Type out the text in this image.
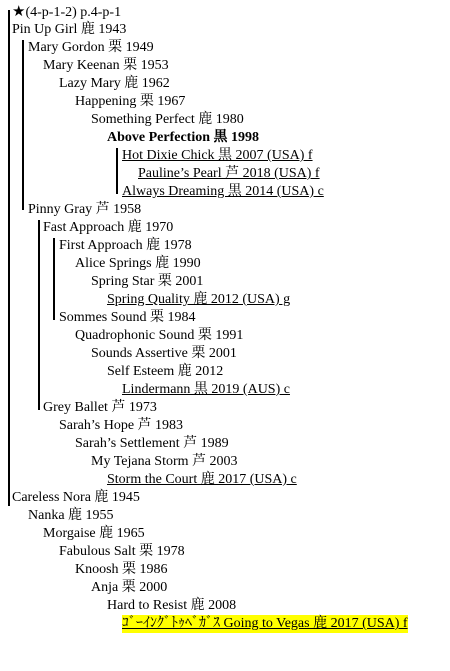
★(4-p-1-2) p.4-p-1
Pin Up Girl 鹿 1943
Mary Gordon 栗 1949
Mary Keenan 栗 1953
Lazy Mary 鹿 1962
Happening 栗 1967
Something Perfect 鹿 1980
Above Perfection 黒 1998
Hot Dixie Chick 黒 2007 (USA) f
Pauline’s Pearl 芦 2018 (USA) f
Always Dreaming 黒 2014 (USA) c
Pinny Gray 芦 1958
Fast Approach 鹿 1970
First Approach 鹿 1978
Alice Springs 鹿 1990
Spring Star 栗 2001
Spring Quality 鹿 2012 (USA) g
Sommes Sound 栗 1984
Quadrophonic Sound 栗 1991
Sounds Assertive 栗 2001
Self Esteem 鹿 2012
Lindermann 黒 2019 (AUS) c
Grey Ballet 芦 1973
Sarah’s Hope 芦 1983
Sarah’s Settlement 芦 1989
My Tejana Storm 芦 2003
Storm the Court 鹿 2017 (USA) c
Careless Nora 鹿 1945
Nanka 鹿 1955
Morgaise 鹿 1965
Fabulous Salt 栗 1978
Knoosh 栗 1986
Anja 栗 2000
Hard to Resist 鹿 2008
ｺﾞｰｲﾝｸﾞﾄｩﾍﾞｶﾞｽ Going to Vegas 鹿 2017 (USA) f
